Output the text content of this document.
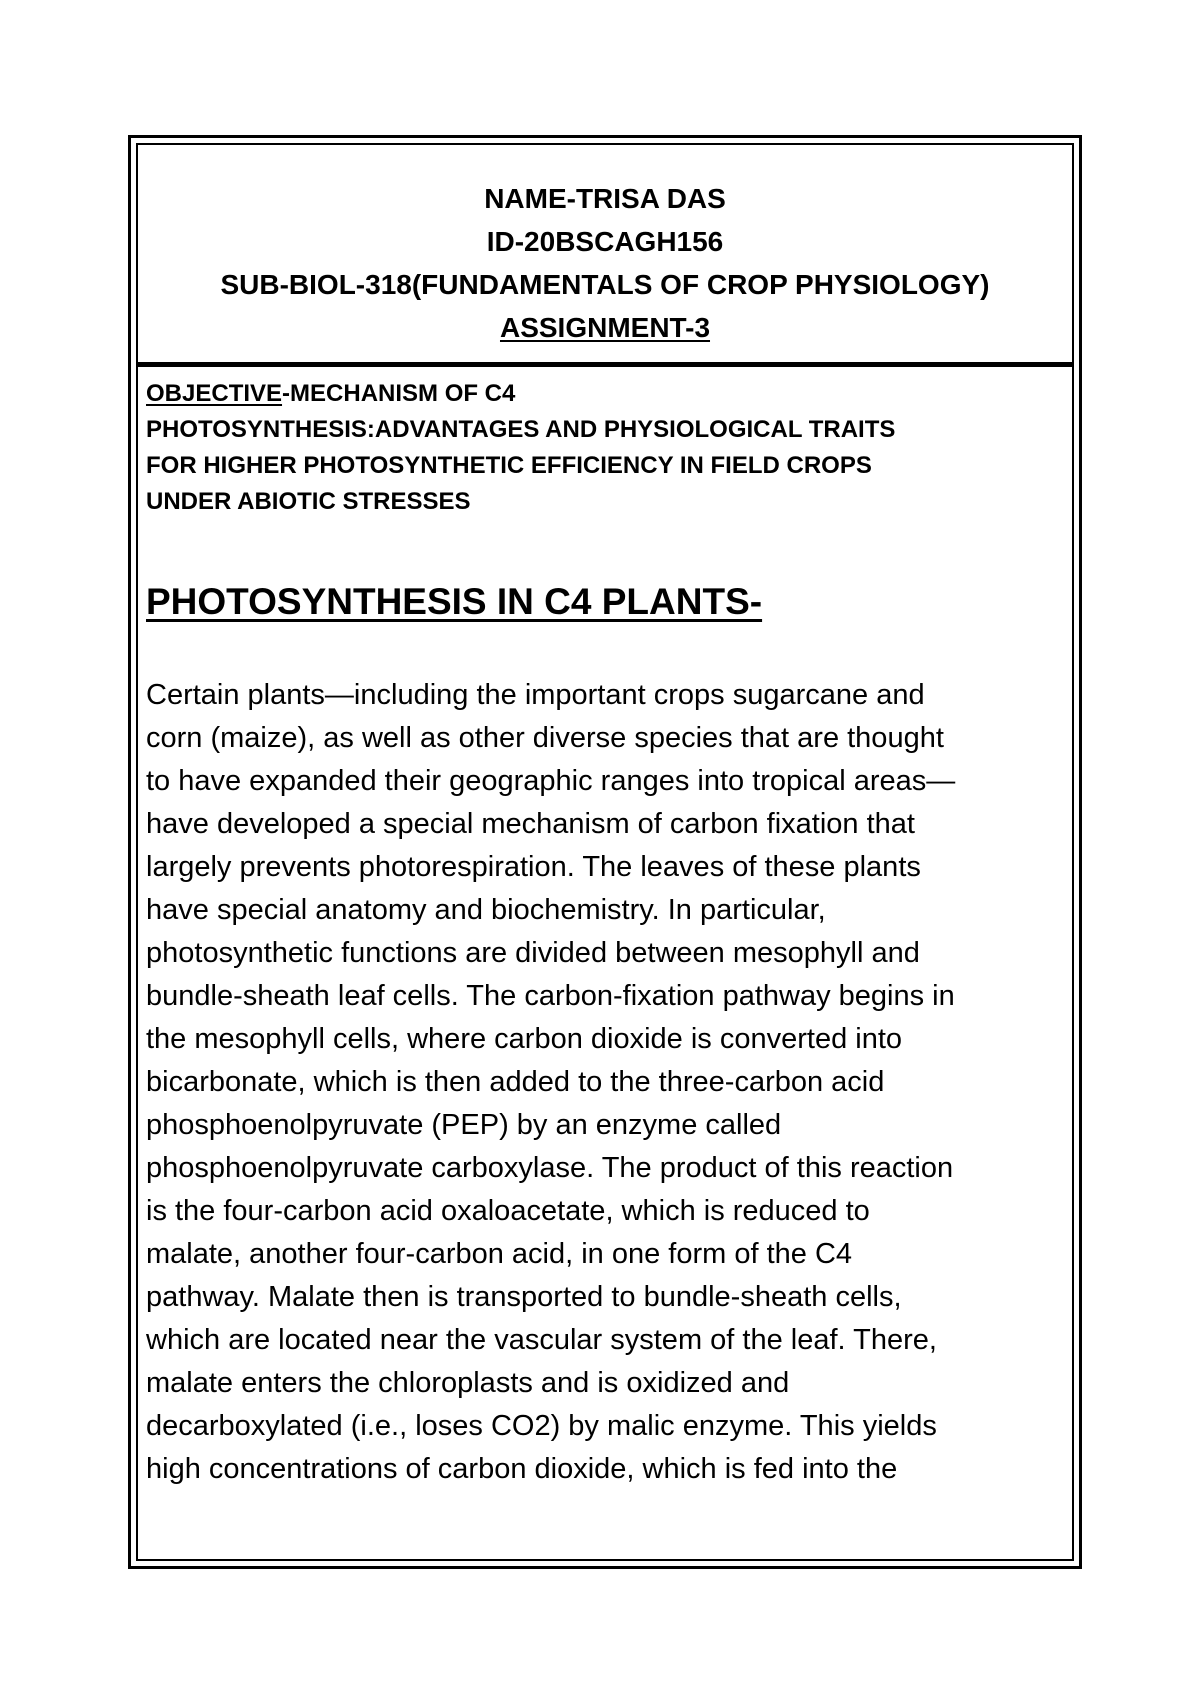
NAME-TRISA DAS
ID-20BSCAGH156
SUB-BIOL-318(FUNDAMENTALS OF CROP PHYSIOLOGY)
ASSIGNMENT-3
OBJECTIVE-MECHANISM OF C4
PHOTOSYNTHESIS:ADVANTAGES AND PHYSIOLOGICAL TRAITS
FOR HIGHER PHOTOSYNTHETIC EFFICIENCY IN FIELD CROPS
UNDER ABIOTIC STRESSES
PHOTOSYNTHESIS IN C4 PLANTS-
Certain plants—including the important crops sugarcane and
corn (maize), as well as other diverse species that are thought
to have expanded their geographic ranges into tropical areas—
have developed a special mechanism of carbon fixation that
largely prevents photorespiration. The leaves of these plants
have special anatomy and biochemistry. In particular,
photosynthetic functions are divided between mesophyll and
bundle-sheath leaf cells. The carbon-fixation pathway begins in
the mesophyll cells, where carbon dioxide is converted into
bicarbonate, which is then added to the three-carbon acid
phosphoenolpyruvate (PEP) by an enzyme called
phosphoenolpyruvate carboxylase. The product of this reaction
is the four-carbon acid oxaloacetate, which is reduced to
malate, another four-carbon acid, in one form of the C4
pathway. Malate then is transported to bundle-sheath cells,
which are located near the vascular system of the leaf. There,
malate enters the chloroplasts and is oxidized and
decarboxylated (i.e., loses CO2) by malic enzyme. This yields
high concentrations of carbon dioxide, which is fed into the
